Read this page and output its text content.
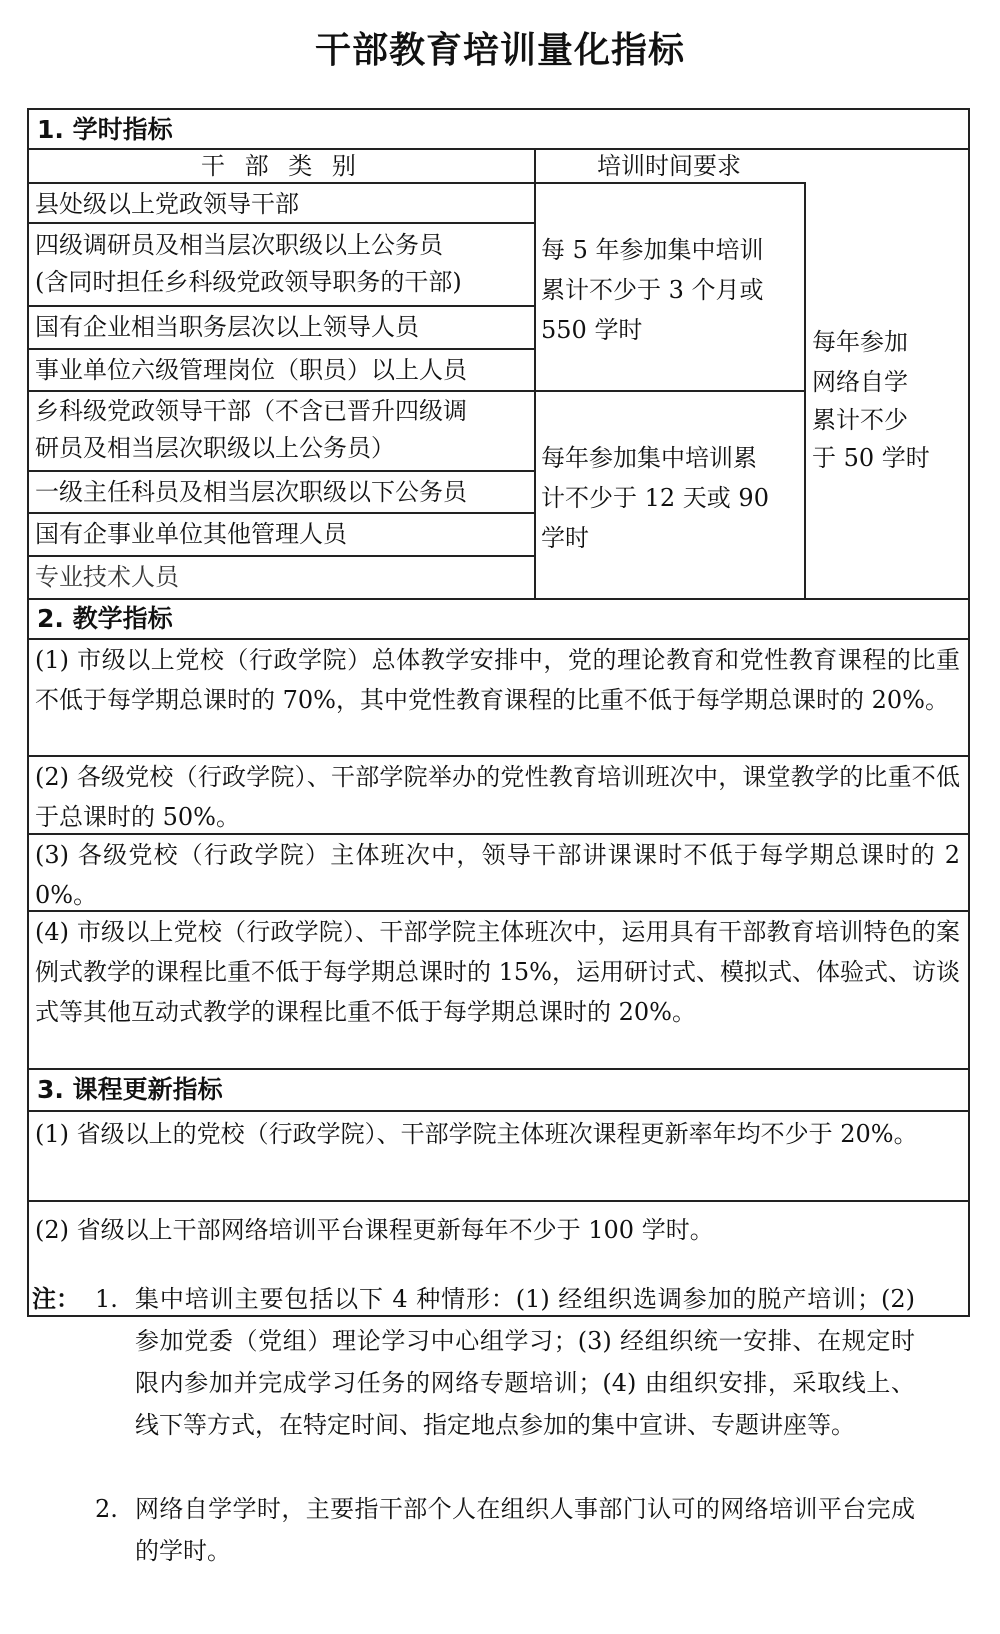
干部教育培训量化指标
1. 学时指标
干 部 类 别	培训时间要求
县处级以上党政领导干部
四级调研员及相当层次职级以上公务员
(含同时担任乡科级党政领导职务的干部)
国有企业相当职务层次以上领导人员
事业单位六级管理岗位（职员）以上人员
乡科级党政领导干部（不含已晋升四级调
研员及相当层次职级以上公务员）
一级主任科员及相当层次职级以下公务员
国有企事业单位其他管理人员
专业技术人员
每 5 年参加集中培训
累计不少于 3 个月或
550 学时
每年参加集中培训累
计不少于 12 天或 90
学时
每年参加
网络自学
累计不少
于 50 学时
2. 教学指标
(1) 市级以上党校（行政学院）总体教学安排中，党的理论教育和党性教育课程的比重不低于每学期总课时的 70%，其中党性教育课程的比重不低于每学期总课时的 20%。
(2) 各级党校（行政学院）、干部学院举办的党性教育培训班次中，课堂教学的比重不低于总课时的 50%。
(3) 各级党校（行政学院）主体班次中，领导干部讲课课时不低于每学期总课时的 20%。
(4) 市级以上党校（行政学院）、干部学院主体班次中，运用具有干部教育培训特色的案例式教学的课程比重不低于每学期总课时的 15%，运用研讨式、模拟式、体验式、访谈式等其他互动式教学的课程比重不低于每学期总课时的 20%。
3. 课程更新指标
(1) 省级以上的党校（行政学院）、干部学院主体班次课程更新率年均不少于 20%。
(2) 省级以上干部网络培训平台课程更新每年不少于 100 学时。
注： 1. 集中培训主要包括以下 4 种情形：(1) 经组织选调参加的脱产培训；(2) 参加党委（党组）理论学习中心组学习；(3) 经组织统一安排、在规定时限内参加并完成学习任务的网络专题培训；(4) 由组织安排，采取线上、线下等方式，在特定时间、指定地点参加的集中宣讲、专题讲座等。
2. 网络自学学时，主要指干部个人在组织人事部门认可的网络培训平台完成的学时。
